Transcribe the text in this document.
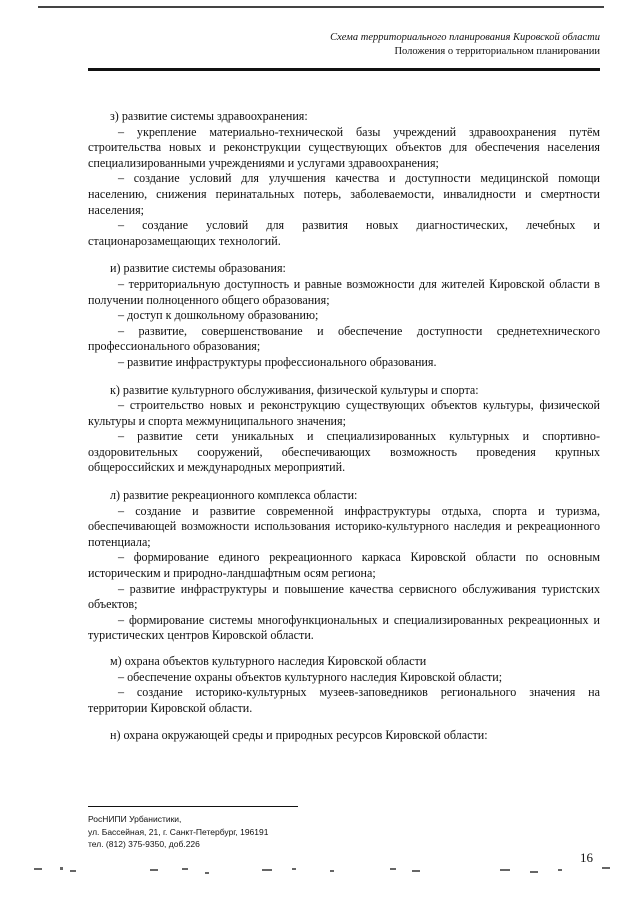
Схема территориального планирования Кировской области
Положения о территориальном планировании
з) развитие системы здравоохранения:
– укрепление материально-технической базы учреждений здравоохранения путём строительства новых и реконструкции существующих объектов для обеспечения населения специализированными учреждениями и услугами здравоохранения;
– создание условий для улучшения качества и доступности медицинской помощи населению, снижения перинатальных потерь, заболеваемости, инвалидности и смертности населения;
– создание условий для развития новых диагностических, лечебных и стационарозамещающих технологий.
и) развитие системы образования:
– территориальную доступность и равные возможности для жителей Кировской области в получении полноценного общего образования;
– доступ к дошкольному образованию;
– развитие, совершенствование и обеспечение доступности среднетехнического профессионального образования;
– развитие инфраструктуры профессионального образования.
к) развитие культурного обслуживания, физической культуры и спорта:
– строительство новых и реконструкцию существующих объектов культуры, физической культуры и спорта межмуниципального значения;
– развитие сети уникальных и специализированных культурных и спортивно-оздоровительных сооружений, обеспечивающих возможность проведения крупных общероссийских и международных мероприятий.
л) развитие рекреационного комплекса области:
– создание и развитие современной инфраструктуры отдыха, спорта и туризма, обеспечивающей возможности использования историко-культурного наследия и рекреационного потенциала;
– формирование единого рекреационного каркаса Кировской области по основным историческим и природно-ландшафтным осям региона;
– развитие инфраструктуры и повышение качества сервисного обслуживания туристских объектов;
– формирование системы многофункциональных и специализированных рекреационных и туристических центров Кировской области.
м) охрана объектов культурного наследия Кировской области
– обеспечение охраны объектов культурного наследия Кировской области;
– создание историко-культурных музеев-заповедников регионального значения на территории Кировской области.
н) охрана окружающей среды и природных ресурсов Кировской области:
РосНИПИ Урбанистики,
ул. Бассейная, 21, г. Санкт-Петербург, 196191
тел. (812) 375-9350, доб.226
16
